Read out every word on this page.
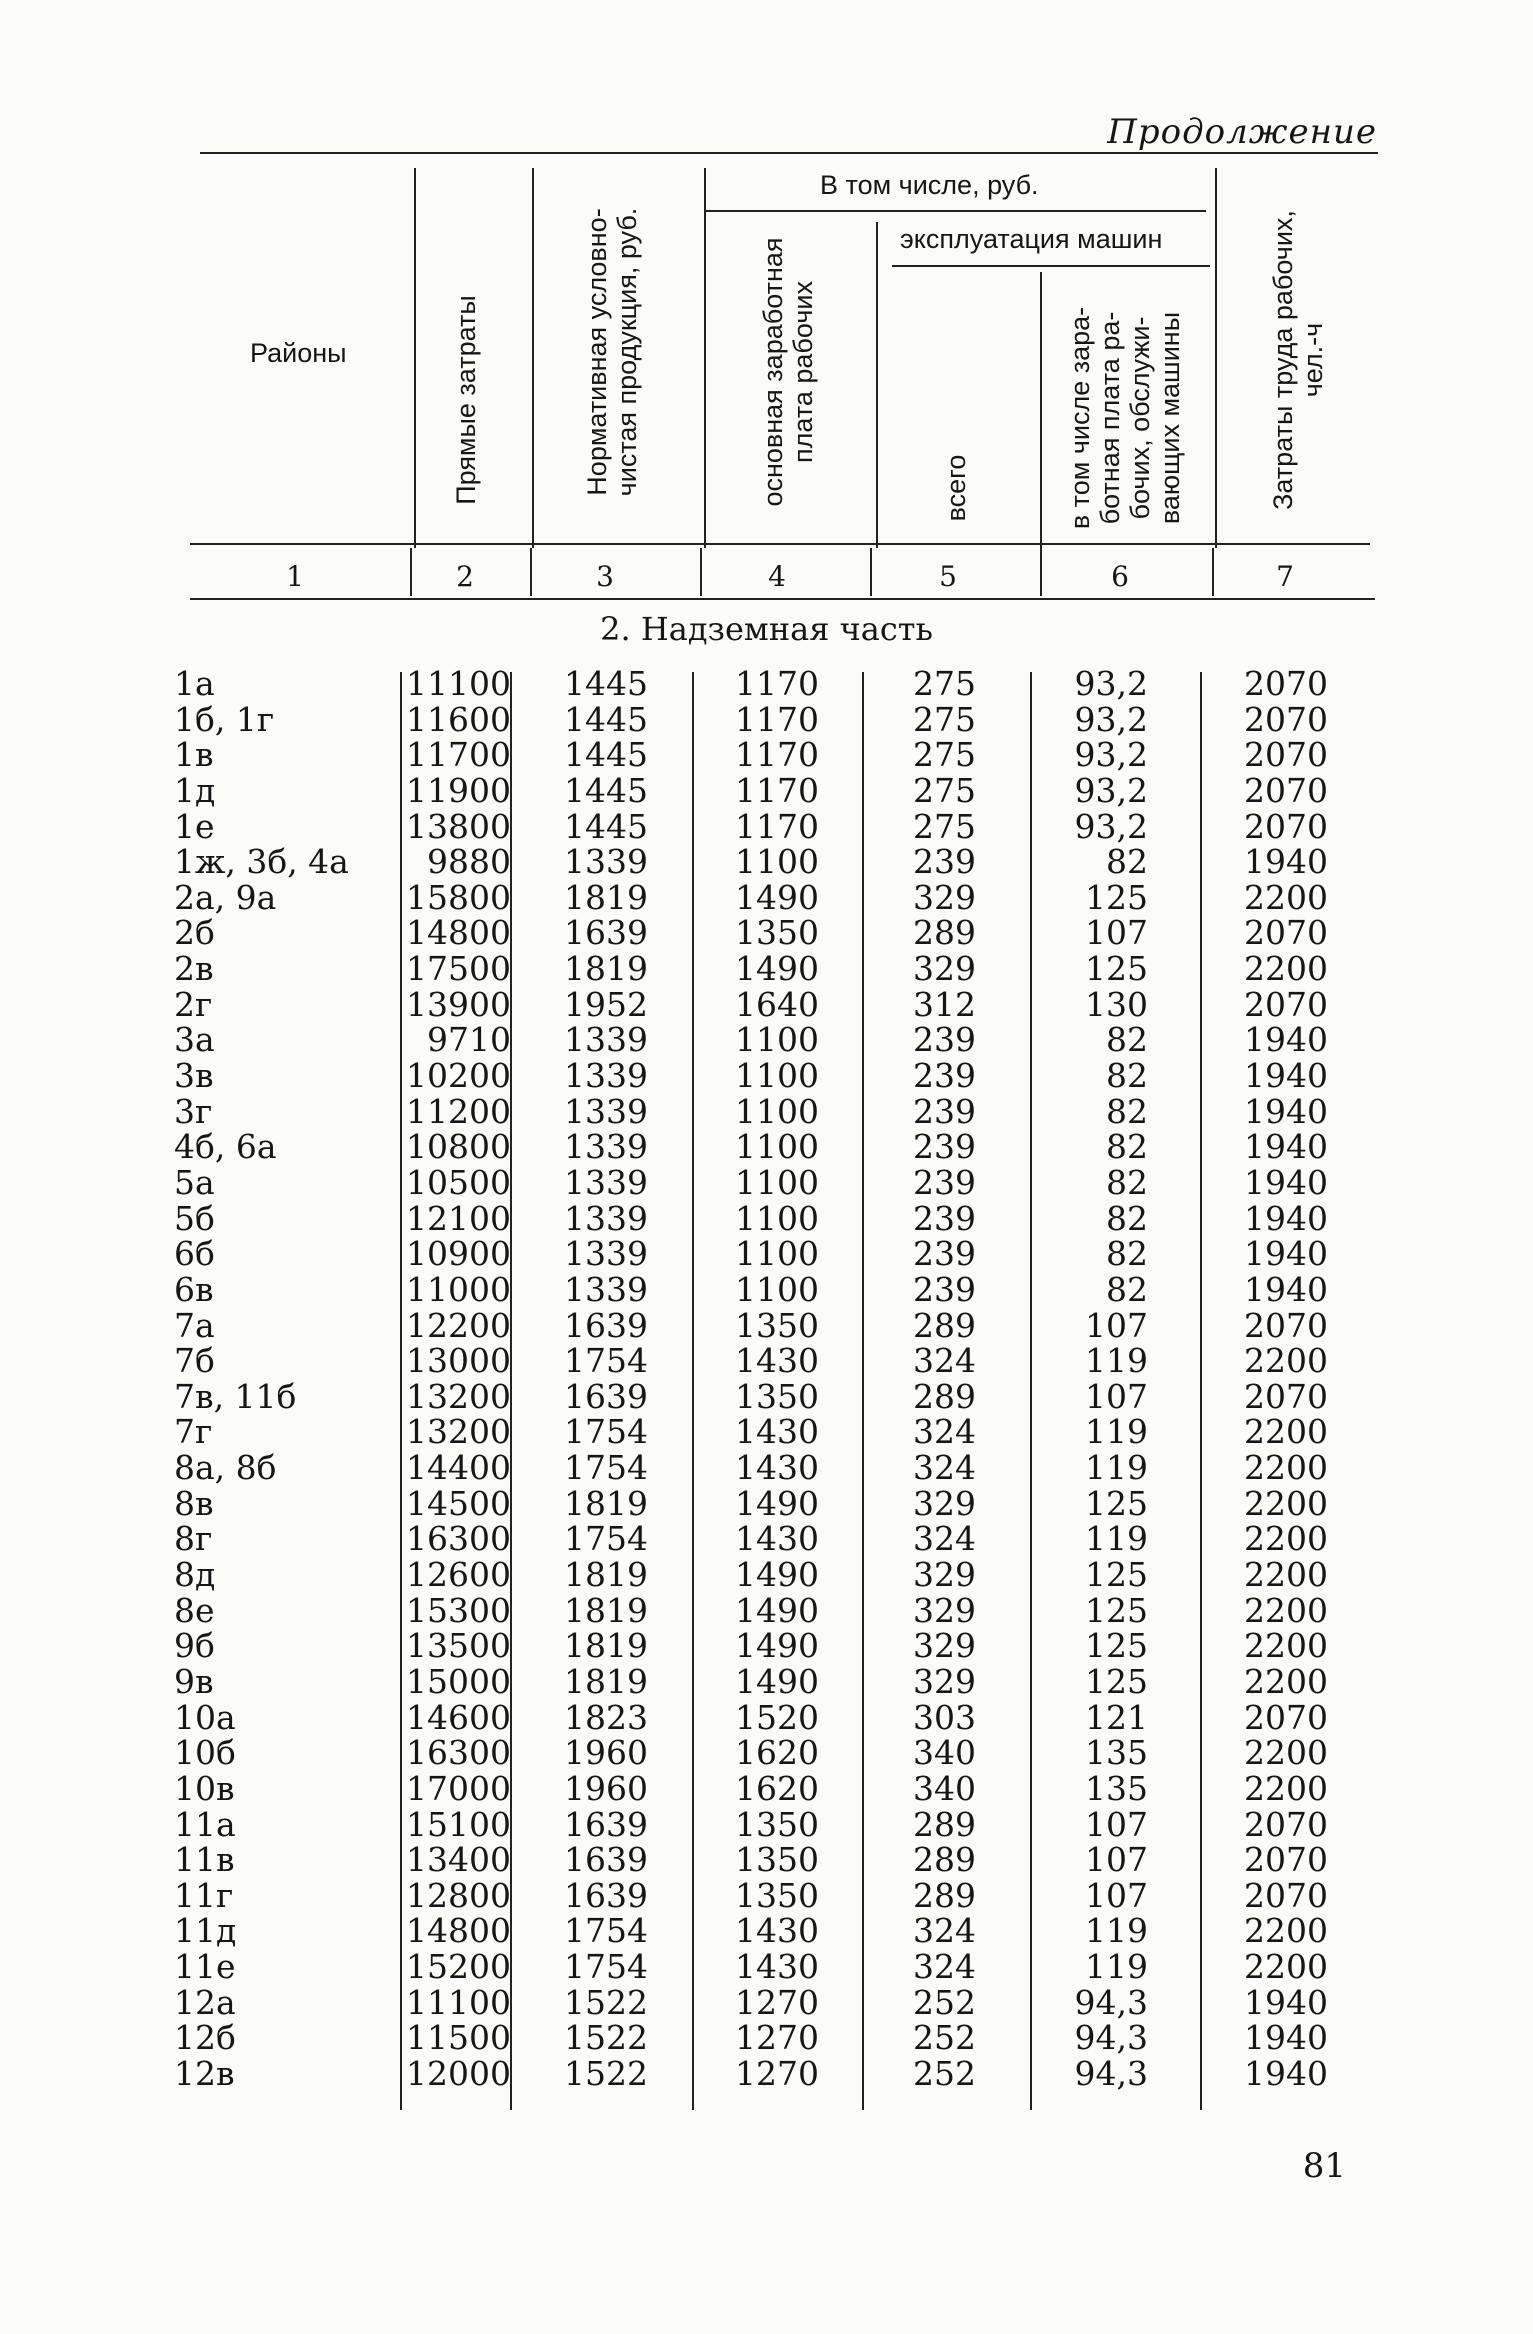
Продолжение
Районы	Прямые затраты	Нормативная условно- чистая продукция, руб.
В том числе, руб.
основная заработная плата рабочих
эксплуатация машин
всего	в том числе зара- ботная плата ра- бочих, обслужи- вающих машины	Затраты труда рабочих, чел.-ч
1	2	3	4	5	6	7
2. Надземная часть
1а	11100 1445	1170	275	93,2	2070
1б, 1г	11600 1445	1170	275	93,2	2070
1в	11700 1445	1170	275	93,2	2070
1д	11900 1445	1170	275	93,2	2070
1е	13800 1445	1170	275	93,2	2070
1ж, 3б, 4а 9880 1339	1100	239	82	1940
2а, 9а	15800 1819	1490	329	125	2200
2б	14800 1639	1350	289	107	2070
2в	17500 1819	1490	329	125	2200
2г	13900 1952	1640	312	130	2070
3а	9710 1339	1100	239	82	1940
3в	10200 1339	1100	239	82	1940
3г	11200 1339	1100	239	82	1940
4б, 6а	10800 1339	1100	239	82	1940
5а	10500 1339	1100	239	82	1940
5б	12100 1339	1100	239	82	1940
6б	10900 1339	1100	239	82	1940
6в	11000 1339	1100	239	82	1940
7а	12200 1639	1350	289	107	2070
7б	13000 1754	1430	324	119	2200
7в, 11б	13200 1639	1350	289	107	2070
7г	13200 1754	1430	324	119	2200
8а, 8б	14400 1754	1430	324	119	2200
8в	14500 1819	1490	329	125	2200
8г	16300 1754	1430	324	119	2200
8д	12600 1819	1490	329	125	2200
8е	15300 1819	1490	329	125	2200
9б	13500 1819	1490	329	125	2200
9в	15000 1819	1490	329	125	2200
10а	14600 1823	1520	303	121	2070
10б	16300 1960	1620	340	135	2200
10в	17000 1960	1620	340	135	2200
11а	15100 1639	1350	289	107	2070
11в	13400 1639	1350	289	107	2070
11г	12800 1639	1350	289	107	2070
11д	14800 1754	1430	324	119	2200
11е	15200 1754	1430	324	119	2200
12а	11100 1522	1270	252	94,3	1940
12б	11500 1522	1270	252	94,3	1940
12в	12000 1522	1270	252	94,3	1940
81
